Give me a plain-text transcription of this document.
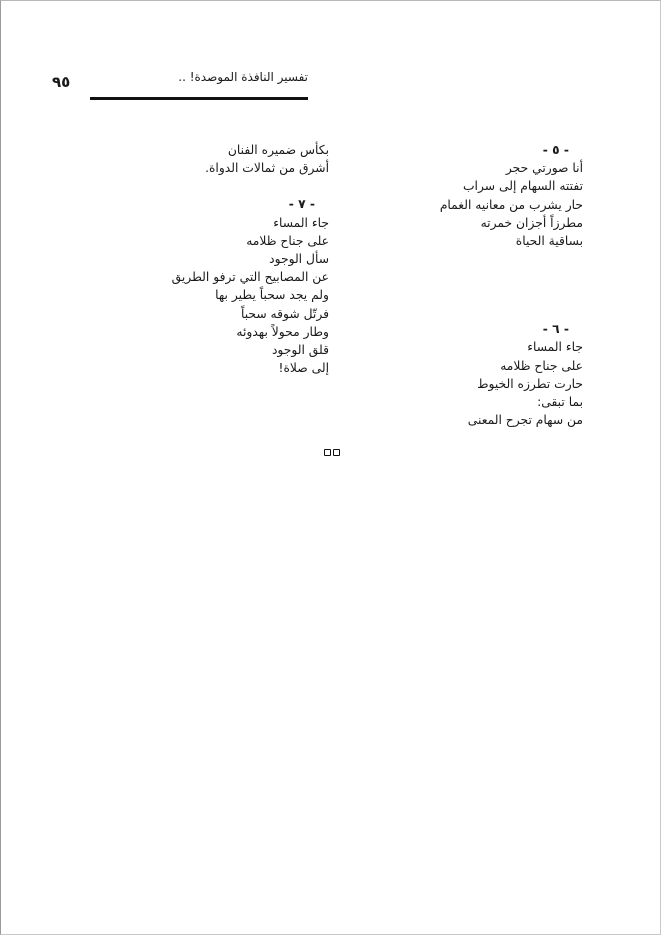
٩٥	تفسير النافذة الموصدة! ..
- ٥ -
أنا صورتي حجر
تفتته السهام إلى سراب
حار يشرب من معانيه الغمام
مطرزاً أجزان خمرته
بساقية الحياة
- ٦ -
جاء المساء
على جناح ظلامه
حارت تطرزه الخيوط
بما تبقى:
من سهام تجرح المعنى
بكأس ضميره الفنان
أشرق من ثمالات الدواة.
- ٧ -
جاء المساء
على جناح ظلامه
سأل الوجود
عن المصابيح التي ترفو الطريق
ولم يجد سحباً يطير بها
فرتّل شوقه سحباً
وطار محولاً بهدوئه
قلق الوجود
إلى صلاة!
